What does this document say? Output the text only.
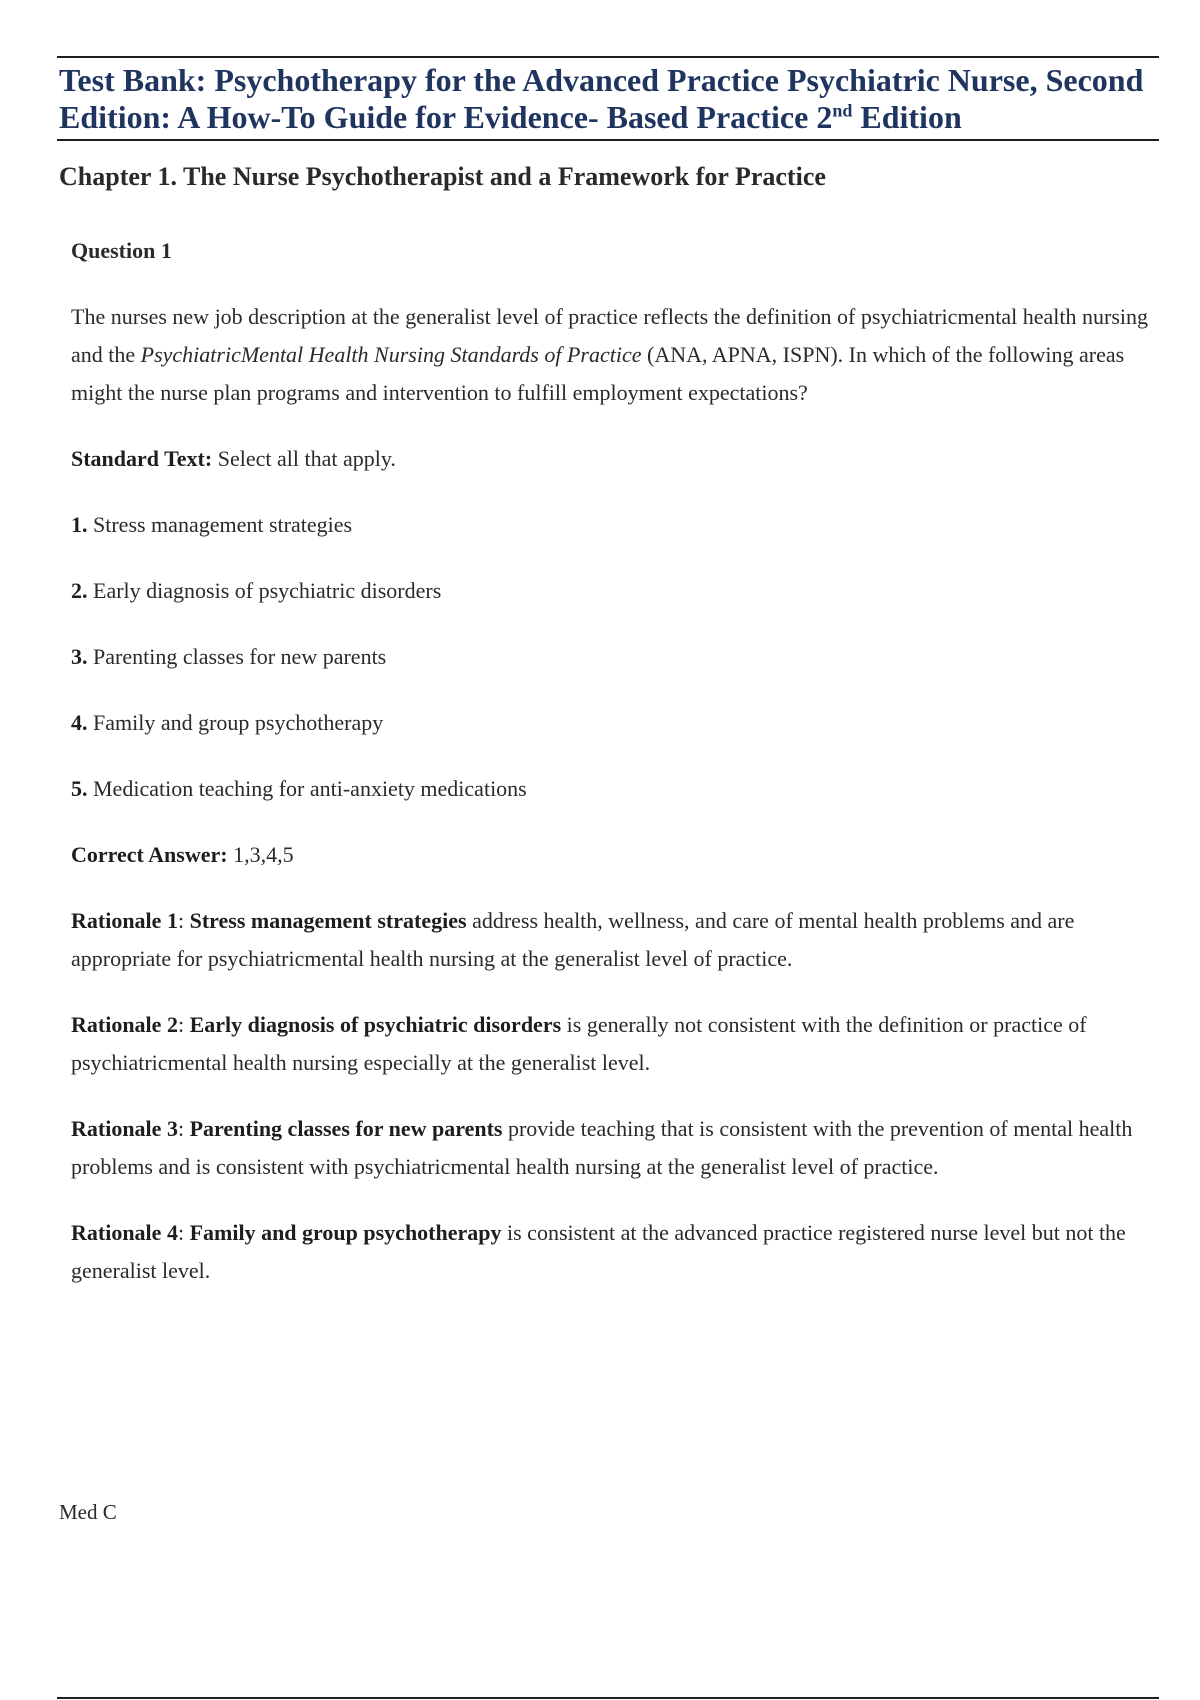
Test Bank: Psychotherapy for the Advanced Practice Psychiatric Nurse, Second Edition: A How-To Guide for Evidence- Based Practice 2nd Edition
Chapter 1. The Nurse Psychotherapist and a Framework for Practice

Question 1

The nurses new job description at the generalist level of practice reflects the definition of psychiatricmental health nursing and the PsychiatricMental Health Nursing Standards of Practice (ANA, APNA, ISPN). In which of the following areas might the nurse plan programs and intervention to fulfill employment expectations?

Standard Text: Select all that apply.

1. Stress management strategies

2. Early diagnosis of psychiatric disorders

3. Parenting classes for new parents

4. Family and group psychotherapy

5. Medication teaching for anti-anxiety medications

Correct Answer: 1,3,4,5

Rationale 1: Stress management strategies address health, wellness, and care of mental health problems and are appropriate for psychiatricmental health nursing at the generalist level of practice.

Rationale 2: Early diagnosis of psychiatric disorders is generally not consistent with the definition or practice of psychiatricmental health nursing especially at the generalist level.

Rationale 3: Parenting classes for new parents provide teaching that is consistent with the prevention of mental health problems and is consistent with psychiatricmental health nursing at the generalist level of practice.

Rationale 4: Family and group psychotherapy is consistent at the advanced practice registered nurse level but not the generalist level.

Med C
